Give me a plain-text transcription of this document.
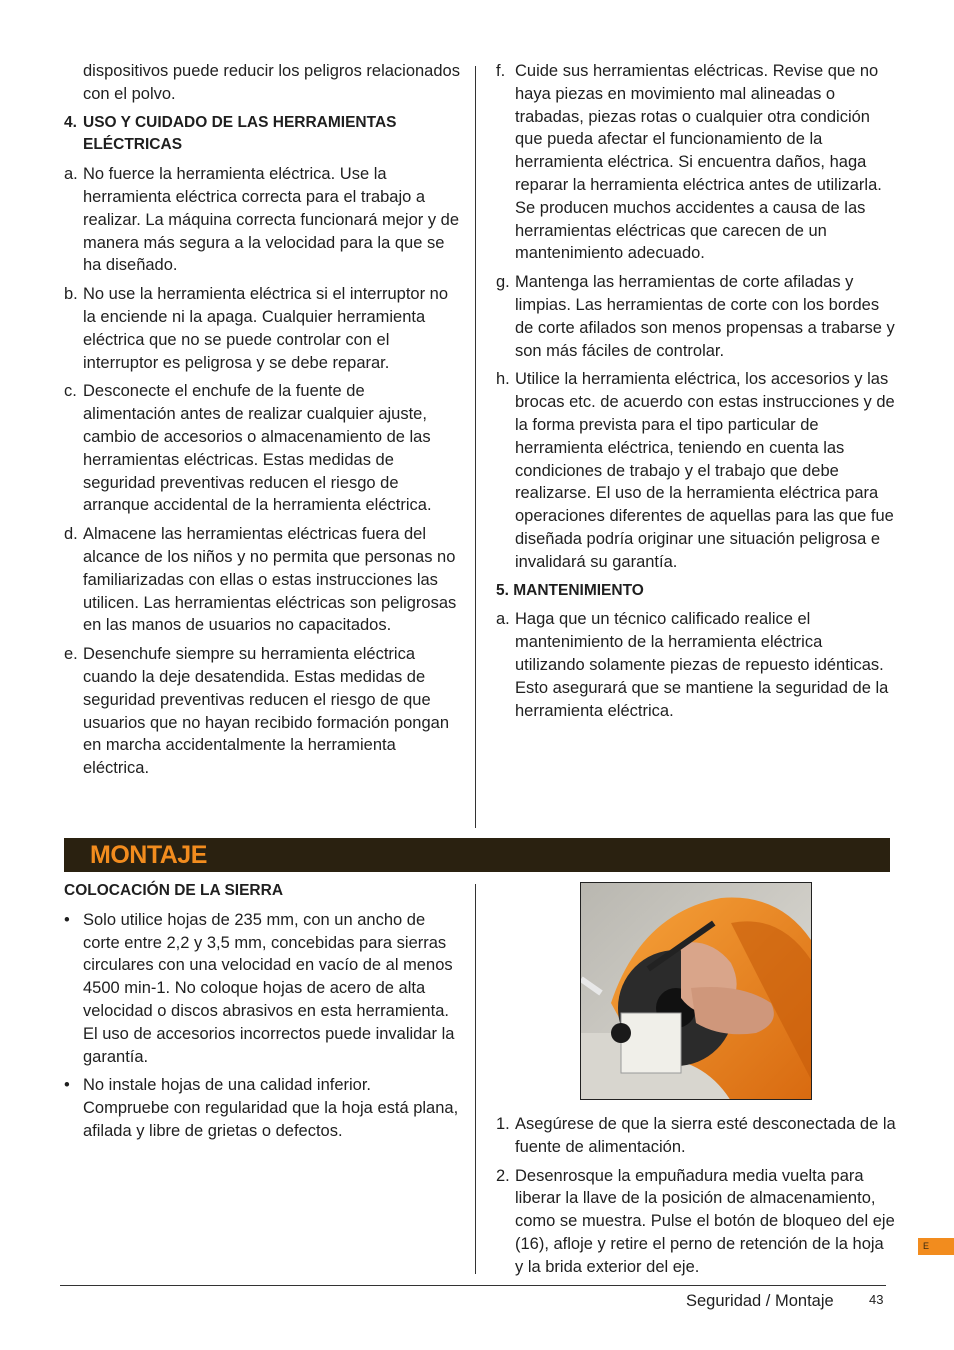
dispositivos puede reducir los peligros relacionados con el polvo.

4. USO Y CUIDADO DE LAS HERRAMIENTAS ELÉCTRICAS
a. No fuerce la herramienta eléctrica. Use la herramienta eléctrica correcta para el trabajo a realizar. La máquina correcta funcionará mejor y de manera más segura a la velocidad para la que se ha diseñado.
b. No use la herramienta eléctrica si el interruptor no la enciende ni la apaga. Cualquier herramienta eléctrica que no se puede controlar con el interruptor es peligrosa y se debe reparar.
c. Desconecte el enchufe de la fuente de alimentación antes de realizar cualquier ajuste, cambio de accesorios o almacenamiento de las herramientas eléctricas. Estas medidas de seguridad preventivas reducen el riesgo de arranque accidental de la herramienta eléctrica.
d. Almacene las herramientas eléctricas fuera del alcance de los niños y no permita que personas no familiarizadas con ellas o estas instrucciones las utilicen. Las herramientas eléctricas son peligrosas en las manos de usuarios no capacitados.
e. Desenchufe siempre su herramienta eléctrica cuando la deje desatendida. Estas medidas de seguridad preventivas reducen el riesgo de que usuarios que no hayan recibido formación pongan en marcha accidentalmente la herramienta eléctrica.
f. Cuide sus herramientas eléctricas. Revise que no haya piezas en movimiento mal alineadas o trabadas, piezas rotas o cualquier otra condición que pueda afectar el funcionamiento de la herramienta eléctrica. Si encuentra daños, haga reparar la herramienta eléctrica antes de utilizarla. Se producen muchos accidentes a causa de las herramientas eléctricas que carecen de un mantenimiento adecuado.
g. Mantenga las herramientas de corte afiladas y limpias. Las herramientas de corte con los bordes de corte afilados son menos propensas a trabarse y son más fáciles de controlar.
h. Utilice la herramienta eléctrica, los accesorios y las brocas etc. de acuerdo con estas instrucciones y de la forma prevista para el tipo particular de herramienta eléctrica, teniendo en cuenta las condiciones de trabajo y el trabajo que debe realizarse. El uso de la herramienta eléctrica para operaciones diferentes de aquellas para las que fue diseñada podría originar une situación peligrosa e invalidará su garantía.
5. MANTENIMIENTO
a. Haga que un técnico calificado realice el mantenimiento de la herramienta eléctrica utilizando solamente piezas de repuesto idénticas. Esto asegurará que se mantiene la seguridad de la herramienta eléctrica.
MONTAJE
COLOCACIÓN DE LA SIERRA
• Solo utilice hojas de 235 mm, con un ancho de corte entre 2,2 y 3,5 mm, concebidas para sierras circulares con una velocidad en vacío de al menos 4500 min-1. No coloque hojas de acero de alta velocidad o discos abrasivos en esta herramienta. El uso de accesorios incorrectos puede invalidar la garantía.
• No instale hojas de una calidad inferior. Compruebe con regularidad que la hoja está plana, afilada y libre de grietas o defectos.	1. Asegúrese de que la sierra esté desconectada de la fuente de alimentación.
2. Desenrosque la empuñadura media vuelta para liberar la llave de la posición de almacenamiento, como se muestra. Pulse el botón de bloqueo del eje (16), afloje y retire el perno de retención de la hoja y la brida exterior del eje.
E
Seguridad / Montaje	43
